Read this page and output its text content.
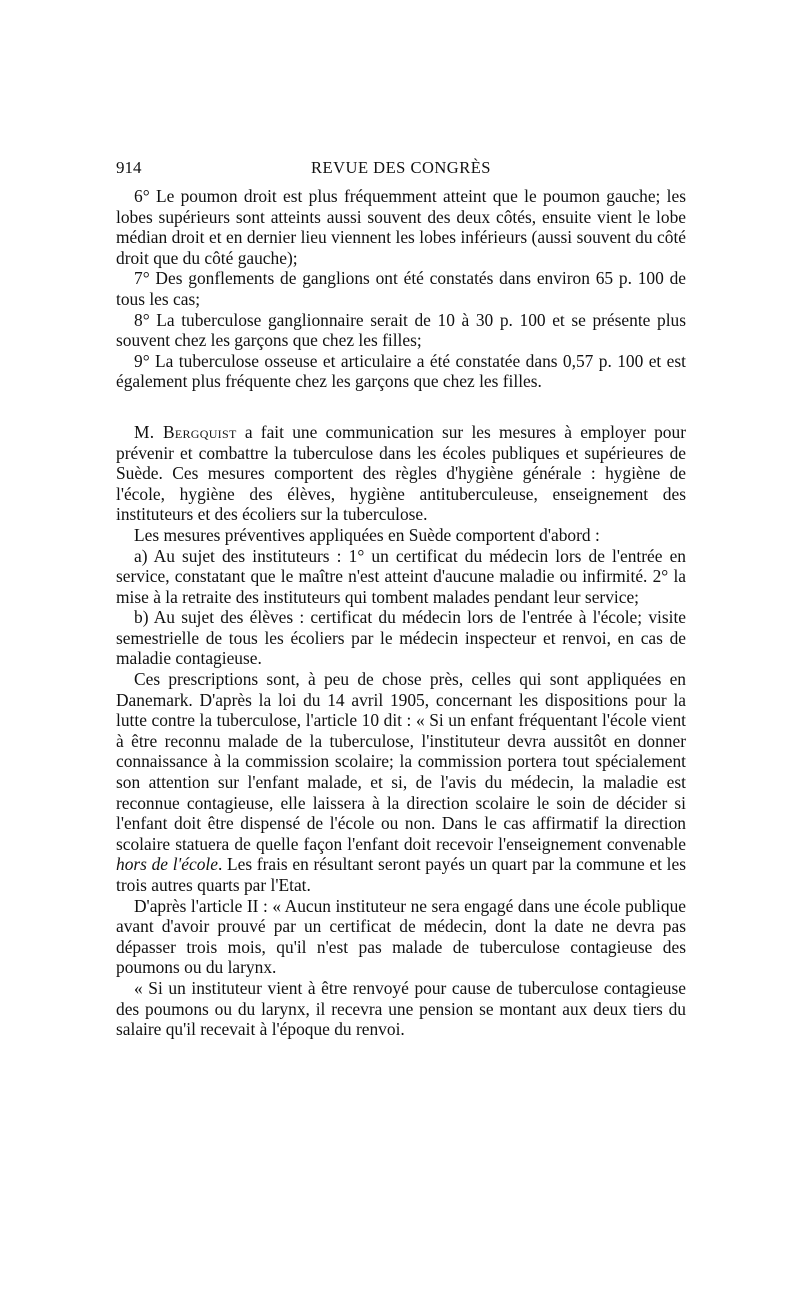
914	REVUE DES CONGRÈS

6° Le poumon droit est plus fréquemment atteint que le poumon gauche; les lobes supérieurs sont atteints aussi souvent des deux côtés, ensuite vient le lobe médian droit et en dernier lieu viennent les lobes inférieurs (aussi souvent du côté droit que du côté gauche);

7° Des gonflements de ganglions ont été constatés dans environ 65 p. 100 de tous les cas;

8° La tuberculose ganglionnaire serait de 10 à 30 p. 100 et se présente plus souvent chez les garçons que chez les filles;

9° La tuberculose osseuse et articulaire a été constatée dans 0,57 p. 100 et est également plus fréquente chez les garçons que chez les filles.

M. Bergquist a fait une communication sur les mesures à employer pour prévenir et combattre la tuberculose dans les écoles publiques et supérieures de Suède. Ces mesures comportent des règles d'hygiène générale : hygiène de l'école, hygiène des élèves, hygiène antituberculeuse, enseignement des instituteurs et des écoliers sur la tuberculose.

Les mesures préventives appliquées en Suède comportent d'abord :

a) Au sujet des instituteurs : 1° un certificat du médecin lors de l'entrée en service, constatant que le maître n'est atteint d'aucune maladie ou infirmité. 2° la mise à la retraite des instituteurs qui tombent malades pendant leur service;

b) Au sujet des élèves : certificat du médecin lors de l'entrée à l'école; visite semestrielle de tous les écoliers par le médecin inspecteur et renvoi, en cas de maladie contagieuse.

Ces prescriptions sont, à peu de chose près, celles qui sont appliquées en Danemark. D'après la loi du 14 avril 1905, concernant les dispositions pour la lutte contre la tuberculose, l'article 10 dit : « Si un enfant fréquentant l'école vient à être reconnu malade de la tuberculose, l'instituteur devra aussitôt en donner connaissance à la commission scolaire; la commission portera tout spécialement son attention sur l'enfant malade, et si, de l'avis du médecin, la maladie est reconnue contagieuse, elle laissera à la direction scolaire le soin de décider si l'enfant doit être dispensé de l'école ou non. Dans le cas affirmatif la direction scolaire statuera de quelle façon l'enfant doit recevoir l'enseignement convenable hors de l'école. Les frais en résultant seront payés un quart par la commune et les trois autres quarts par l'Etat.

D'après l'article II : « Aucun instituteur ne sera engagé dans une école publique avant d'avoir prouvé par un certificat de médecin, dont la date ne devra pas dépasser trois mois, qu'il n'est pas malade de tuberculose contagieuse des poumons ou du larynx.

« Si un instituteur vient à être renvoyé pour cause de tuberculose contagieuse des poumons ou du larynx, il recevra une pension se montant aux deux tiers du salaire qu'il recevait à l'époque du renvoi.
